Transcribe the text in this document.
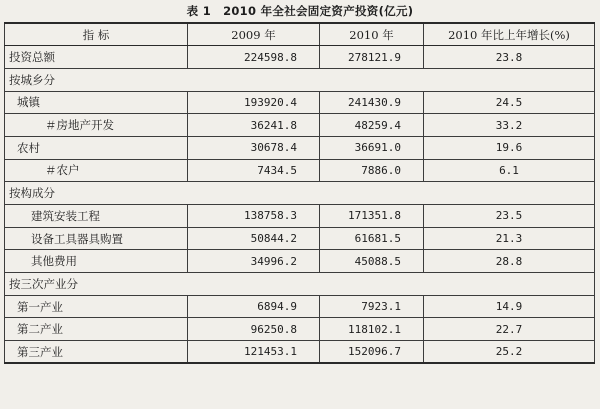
表 1 2010 年全社会固定资产投资(亿元)
指 标	2009 年	2010 年	2010 年比上年增长(%)
投资总额	224598.8	278121.9	23.8
按城乡分			
城镇	193920.4	241430.9	24.5
＃房地产开发	36241.8	48259.4	33.2
农村	30678.4	36691.0	19.6
＃农户	7434.5	7886.0	6.1
按构成分			
建筑安装工程	138758.3	171351.8	23.5
设备工具器具购置	50844.2	61681.5	21.3
其他费用	34996.2	45088.5	28.8
按三次产业分			
第一产业	6894.9	7923.1	14.9
第二产业	96250.8	118102.1	22.7
第三产业	121453.1	152096.7	25.2
